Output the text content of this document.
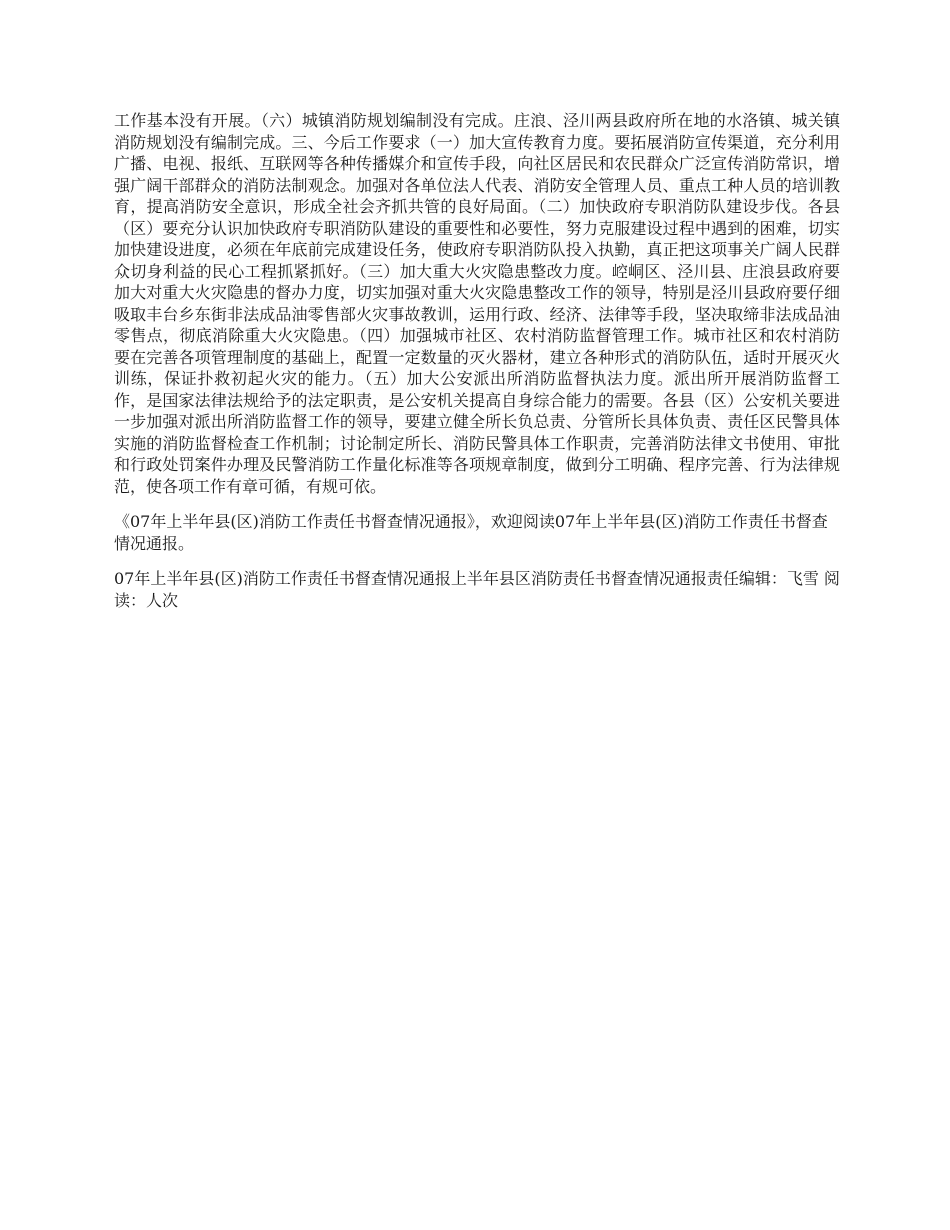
工作基本没有开展。（六）城镇消防规划编制没有完成。庄浪、泾川两县政府所在地的水洛镇、城关镇消防规划没有编制完成。三、今后工作要求（一）加大宣传教育力度。要拓展消防宣传渠道，充分利用广播、电视、报纸、互联网等各种传播媒介和宣传手段，向社区居民和农民群众广泛宣传消防常识，增强广阔干部群众的消防法制观念。加强对各单位法人代表、消防安全管理人员、重点工种人员的培训教育，提高消防安全意识，形成全社会齐抓共管的良好局面。（二）加快政府专职消防队建设步伐。各县（区）要充分认识加快政府专职消防队建设的重要性和必要性，努力克服建设过程中遇到的困难，切实加快建设进度，必须在年底前完成建设任务，使政府专职消防队投入执勤，真正把这项事关广阔人民群众切身利益的民心工程抓紧抓好。（三）加大重大火灾隐患整改力度。崆峒区、泾川县、庄浪县政府要加大对重大火灾隐患的督办力度，切实加强对重大火灾隐患整改工作的领导，特别是泾川县政府要仔细吸取丰台乡东街非法成品油零售部火灾事故教训，运用行政、经济、法律等手段，坚决取缔非法成品油零售点，彻底消除重大火灾隐患。（四）加强城市社区、农村消防监督管理工作。城市社区和农村消防要在完善各项管理制度的基础上，配置一定数量的灭火器材，建立各种形式的消防队伍，适时开展灭火训练，保证扑救初起火灾的能力。（五）加大公安派出所消防监督执法力度。派出所开展消防监督工作，是国家法律法规给予的法定职责，是公安机关提高自身综合能力的需要。各县（区）公安机关要进一步加强对派出所消防监督工作的领导，要建立健全所长负总责、分管所长具体负责、责任区民警具体实施的消防监督检查工作机制；讨论制定所长、消防民警具体工作职责，完善消防法律文书使用、审批和行政处罚案件办理及民警消防工作量化标准等各项规章制度，做到分工明确、程序完善、行为法律规范，使各项工作有章可循，有规可依。

《07年上半年县(区)消防工作责任书督查情况通报》，欢迎阅读07年上半年县(区)消防工作责任书督查情况通报。

07年上半年县(区)消防工作责任书督查情况通报上半年县区消防责任书督查情况通报责任编辑：飞雪 阅读：人次
